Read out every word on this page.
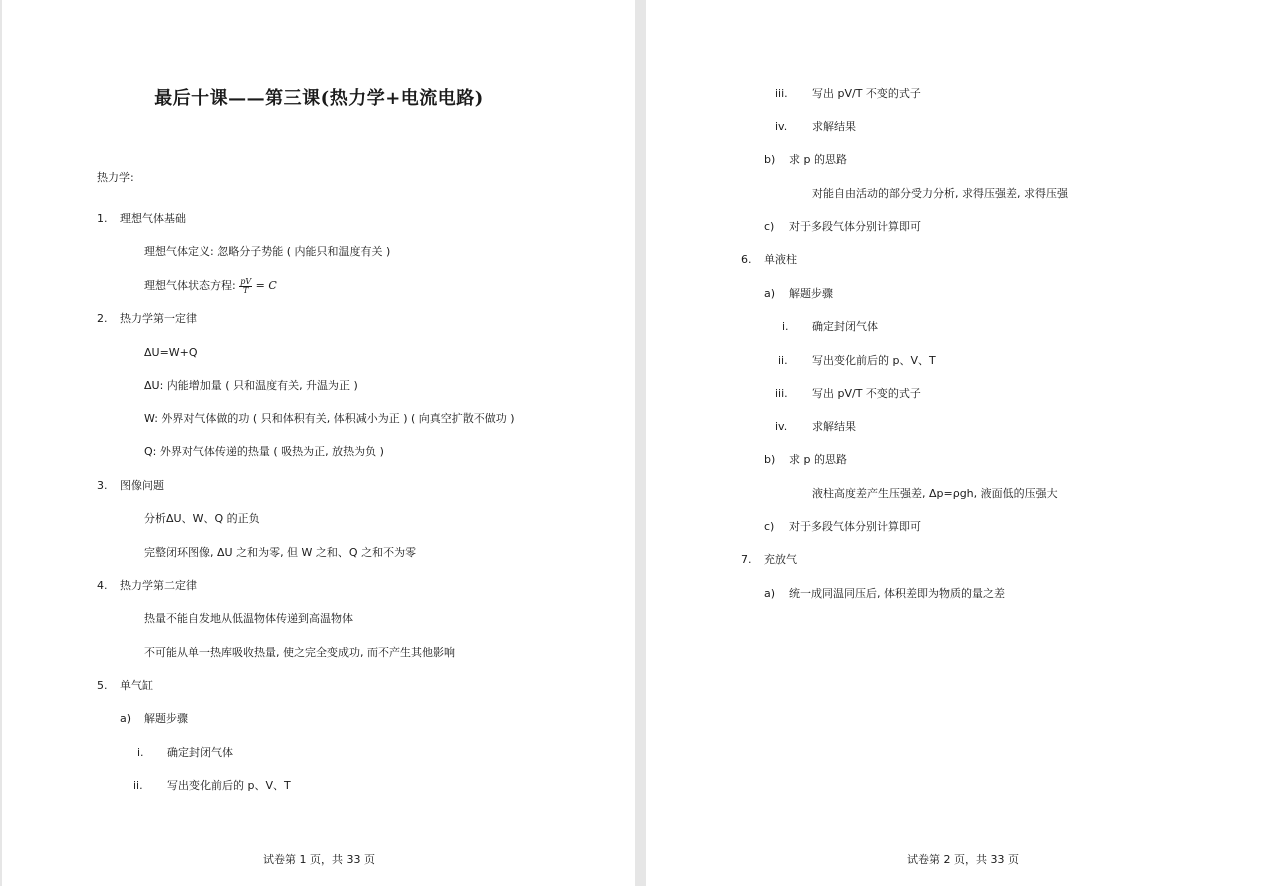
最后十课——第三课(热力学+电流电路)
热力学:
1. 理想气体基础
理想气体定义: 忽略分子势能 ( 内能只和温度有关 )
理想气体状态方程: $\frac{pV}{T} = C$
2. 热力学第一定律
ΔU=W+Q
ΔU: 内能增加量 ( 只和温度有关, 升温为正 )
W: 外界对气体做的功 ( 只和体积有关, 体积减小为正 ) ( 向真空扩散不做功 )
Q: 外界对气体传递的热量 ( 吸热为正, 放热为负 )
3. 图像问题
分析ΔU、W、Q 的正负
完整闭环图像, ΔU 之和为零, 但 W 之和、Q 之和不为零
4. 热力学第二定律
热量不能自发地从低温物体传递到高温物体
不可能从单一热库吸收热量, 使之完全变成功, 而不产生其他影响
5. 单气缸
a) 解题步骤
i. 确定封闭气体
ii. 写出变化前后的 p、V、T
试卷第 1 页，共 33 页
iii. 写出 pV/T 不变的式子
iv. 求解结果
b) 求 p 的思路
对能自由活动的部分受力分析, 求得压强差, 求得压强
c) 对于多段气体分别计算即可
6. 单液柱
a) 解题步骤
i. 确定封闭气体
ii. 写出变化前后的 p、V、T
iii. 写出 pV/T 不变的式子
iv. 求解结果
b) 求 p 的思路
液柱高度差产生压强差, Δp=ρgh, 液面低的压强大
c) 对于多段气体分别计算即可
7. 充放气
a) 统一成同温同压后, 体积差即为物质的量之差
试卷第 2 页，共 33 页
